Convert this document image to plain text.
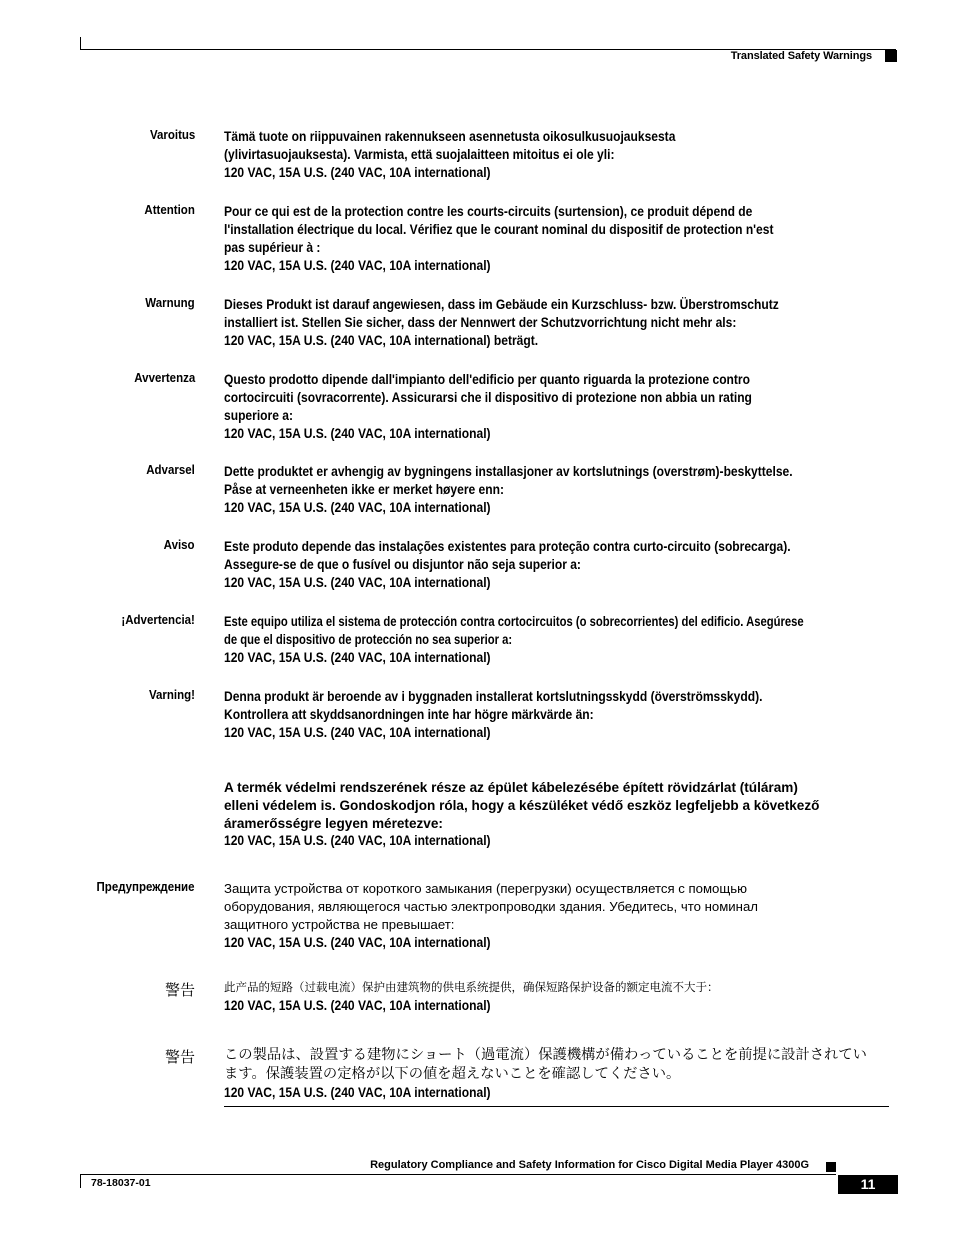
Translated Safety Warnings
Varoitus Tämä tuote on riippuvainen rakennukseen asennetusta oikosulkusuojauksesta
(ylivirtasuojauksesta). Varmista, että suojalaitteen mitoitus ei ole yli:
120 VAC, 15A U.S. (240 VAC, 10A international)
Attention Pour ce qui est de la protection contre les courts-circuits (surtension), ce produit dépend de
l'installation électrique du local. Vérifiez que le courant nominal du dispositif de protection n'est
pas supérieur à :
120 VAC, 15A U.S. (240 VAC, 10A international)
Warnung Dieses Produkt ist darauf angewiesen, dass im Gebäude ein Kurzschluss- bzw. Überstromschutz
installiert ist. Stellen Sie sicher, dass der Nennwert der Schutzvorrichtung nicht mehr als:
120 VAC, 15A U.S. (240 VAC, 10A international) beträgt.
Avvertenza Questo prodotto dipende dall'impianto dell'edificio per quanto riguarda la protezione contro
cortocircuiti (sovracorrente). Assicurarsi che il dispositivo di protezione non abbia un rating
superiore a:
120 VAC, 15A U.S. (240 VAC, 10A international)
Advarsel Dette produktet er avhengig av bygningens installasjoner av kortslutnings (overstrøm)-beskyttelse.
Påse at verneenheten ikke er merket høyere enn:
120 VAC, 15A U.S. (240 VAC, 10A international)
Aviso Este produto depende das instalações existentes para proteção contra curto-circuito (sobrecarga).
Assegure-se de que o fusível ou disjuntor não seja superior a:
120 VAC, 15A U.S. (240 VAC, 10A international)
¡Advertencia! Este equipo utiliza el sistema de protección contra cortocircuitos (o sobrecorrientes) del edificio. Asegúrese
de que el dispositivo de protección no sea superior a:
120 VAC, 15A U.S. (240 VAC, 10A international)
Varning! Denna produkt är beroende av i byggnaden installerat kortslutningsskydd (överströmsskydd).
Kontrollera att skyddsanordningen inte har högre märkvärde än:
120 VAC, 15A U.S. (240 VAC, 10A international)
A termék védelmi rendszerének része az épület kábelezésébe épített rövidzárlat (túláram)
elleni védelem is. Gondoskodjon róla, hogy a készüléket védő eszköz legfeljebb a következő
áramerősségre legyen méretezve:
120 VAC, 15A U.S. (240 VAC, 10A international)
Предупреждение Защита устройства от короткого замыкания (перегрузки) осуществляется с помощью
оборудования, являющегося частью электропроводки здания. Убедитесь, что номинал
защитного устройства не превышает:
120 VAC, 15A U.S. (240 VAC, 10A international)
警告	此产品的短路（过载电流）保护由建筑物的供电系统提供，确保短路保护设备的额定电流不大于：
120 VAC, 15A U.S. (240 VAC, 10A international)
警告 この製品は、設置する建物にショート（過電流）保護機構が備わっていることを前提に設計されてい
ます。保護装置の定格が以下の値を超えないことを確認してください。
120 VAC, 15A U.S. (240 VAC, 10A international)
Regulatory Compliance and Safety Information for Cisco Digital Media Player 4300G
78-18037-01	11
